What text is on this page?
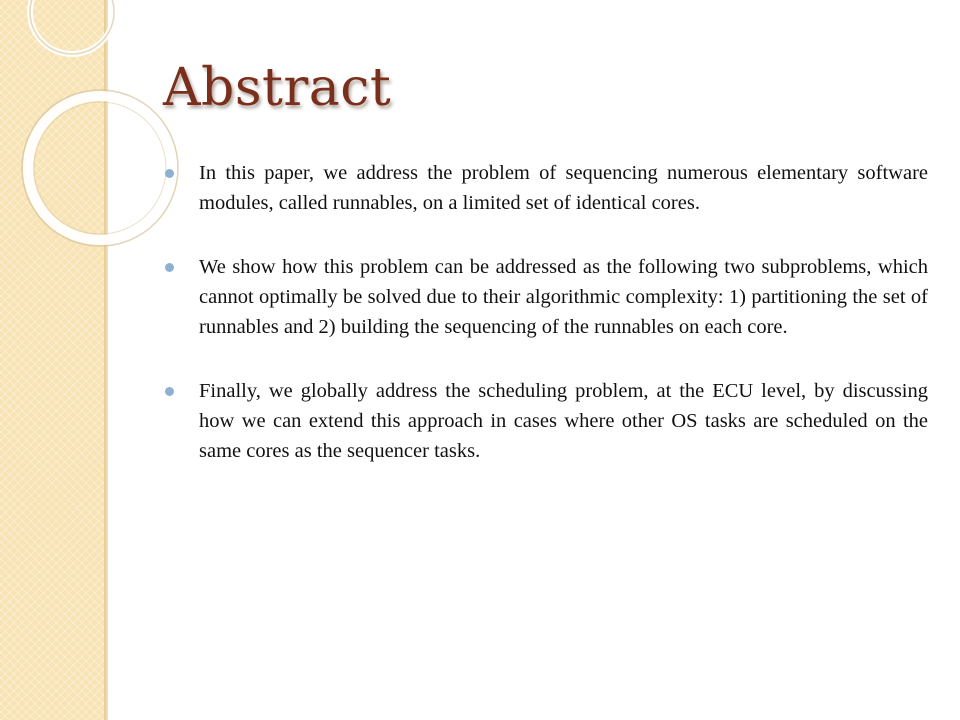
Abstract

In this paper, we address the problem of sequencing numerous elementary software modules, called runnables, on a limited set of identical cores.

We show how this problem can be addressed as the following two subproblems, which cannot optimally be solved due to their algorithmic complexity: 1) partitioning the set of runnables and 2) building the sequencing of the runnables on each core.

Finally, we globally address the scheduling problem, at the ECU level, by discussing how we can extend this approach in cases where other OS tasks are scheduled on the same cores as the sequencer tasks.
